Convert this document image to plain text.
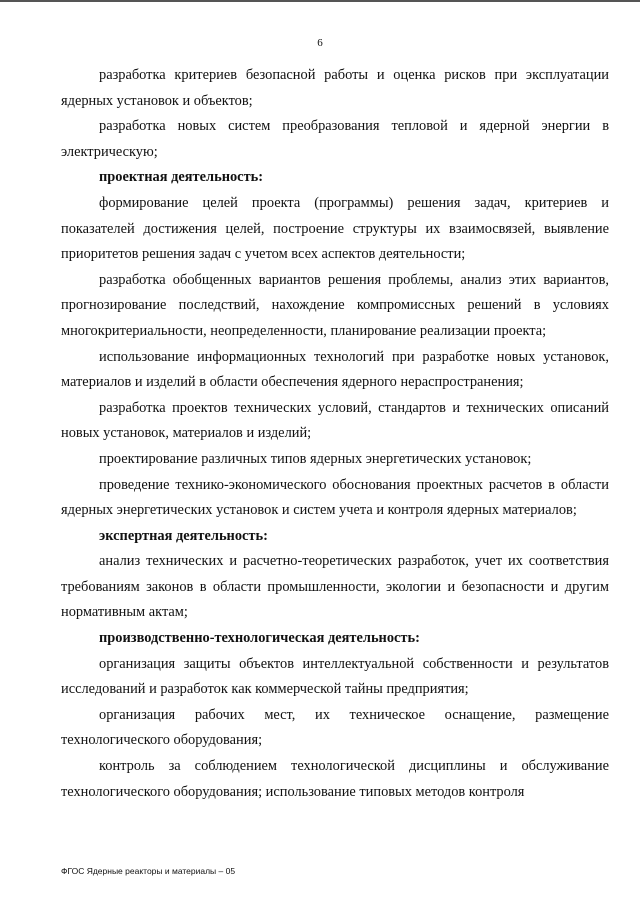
6

разработка критериев безопасной работы и оценка рисков при эксплуатации ядерных установок и объектов;

разработка новых систем преобразования тепловой и ядерной энергии в электрическую;

проектная деятельность:

формирование целей проекта (программы) решения задач, критериев и показателей достижения целей, построение структуры их взаимосвязей, выявление приоритетов решения задач с учетом всех аспектов деятельности;

разработка обобщенных вариантов решения проблемы, анализ этих вариантов, прогнозирование последствий, нахождение компромиссных решений в условиях многокритериальности, неопределенности, планирование реализации проекта;

использование информационных технологий при разработке новых установок, материалов и изделий в области обеспечения ядерного нераспространения;

разработка проектов технических условий, стандартов и технических описаний новых установок, материалов и изделий;

проектирование различных типов ядерных энергетических установок;

проведение технико-экономического обоснования проектных расчетов в области ядерных энергетических установок и систем учета и контроля ядерных материалов;

экспертная деятельность:

анализ технических и расчетно-теоретических разработок, учет их соответствия требованиям законов в области промышленности, экологии и безопасности и другим нормативным актам;

производственно-технологическая деятельность:

организация защиты объектов интеллектуальной собственности и результатов исследований и разработок как коммерческой тайны предприятия;

организация рабочих мест, их техническое оснащение, размещение технологического оборудования;

контроль за соблюдением технологической дисциплины и обслуживание технологического оборудования; использование типовых методов контроля

ФГОС Ядерные реакторы и материалы – 05
